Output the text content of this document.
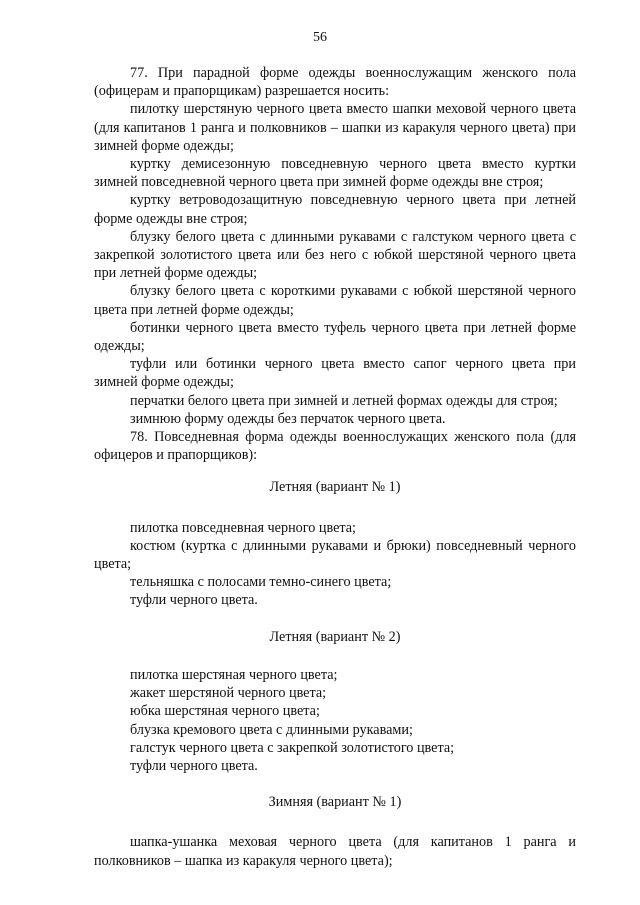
56

77. При парадной форме одежды военнослужащим женского пола (офицерам и прапорщикам) разрешается носить:

пилотку шерстяную черного цвета вместо шапки меховой черного цвета (для капитанов 1 ранга и полковников – шапки из каракуля черного цвета) при зимней форме одежды;

куртку демисезонную повседневную черного цвета вместо куртки зимней повседневной черного цвета при зимней форме одежды вне строя;

куртку ветроводозащитную повседневную черного цвета при летней форме одежды вне строя;

блузку белого цвета с длинными рукавами с галстуком черного цвета с закрепкой золотистого цвета или без него с юбкой шерстяной черного цвета при летней форме одежды;

блузку белого цвета с короткими рукавами с юбкой шерстяной черного цвета при летней форме одежды;

ботинки черного цвета вместо туфель черного цвета при летней форме одежды;

туфли или ботинки черного цвета вместо сапог черного цвета при зимней форме одежды;

перчатки белого цвета при зимней и летней формах одежды для строя;

зимнюю форму одежды без перчаток черного цвета.

78. Повседневная форма одежды военнослужащих женского пола (для офицеров и прапорщиков):

Летняя (вариант № 1)

пилотка повседневная черного цвета;

костюм (куртка с длинными рукавами и брюки) повседневный черного цвета;

тельняшка с полосами темно-синего цвета;

туфли черного цвета.

Летняя (вариант № 2)

пилотка шерстяная черного цвета;

жакет шерстяной черного цвета;

юбка шерстяная черного цвета;

блузка кремового цвета с длинными рукавами;

галстук черного цвета с закрепкой золотистого цвета;

туфли черного цвета.

Зимняя (вариант № 1)

шапка-ушанка меховая черного цвета (для капитанов 1 ранга и полковников – шапка из каракуля черного цвета);
